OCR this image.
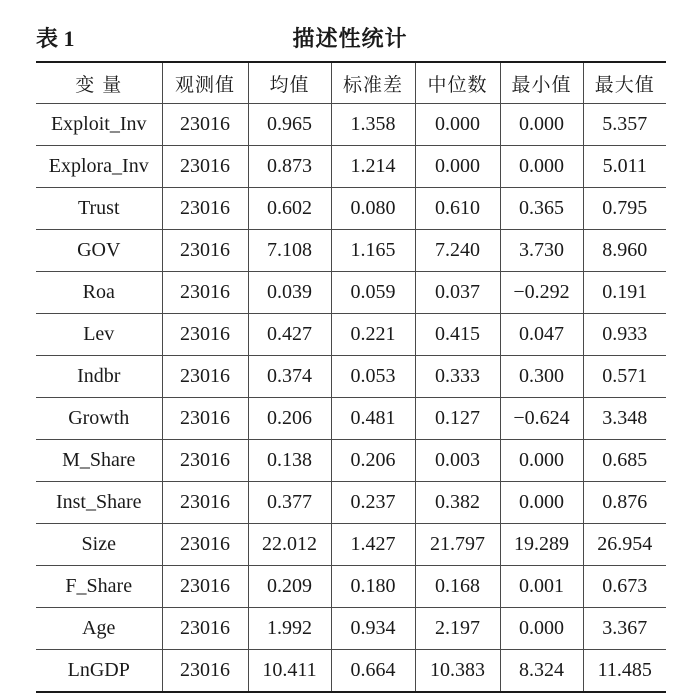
表 1	描述性统计
变 量	观测值	均值	标准差	中位数	最小值	最大值
Exploit_Inv	23016	0.965	1.358	0.000	0.000	5.357
Explora_Inv	23016	0.873	1.214	0.000	0.000	5.011
Trust	23016	0.602	0.080	0.610	0.365	0.795
GOV	23016	7.108	1.165	7.240	3.730	8.960
Roa	23016	0.039	0.059	0.037	−0.292	0.191
Lev	23016	0.427	0.221	0.415	0.047	0.933
Indbr	23016	0.374	0.053	0.333	0.300	0.571
Growth	23016	0.206	0.481	0.127	−0.624	3.348
M_Share	23016	0.138	0.206	0.003	0.000	0.685
Inst_Share	23016	0.377	0.237	0.382	0.000	0.876
Size	23016	22.012	1.427	21.797	19.289	26.954
F_Share	23016	0.209	0.180	0.168	0.001	0.673
Age	23016	1.992	0.934	2.197	0.000	3.367
LnGDP	23016	10.411	0.664	10.383	8.324	11.485
